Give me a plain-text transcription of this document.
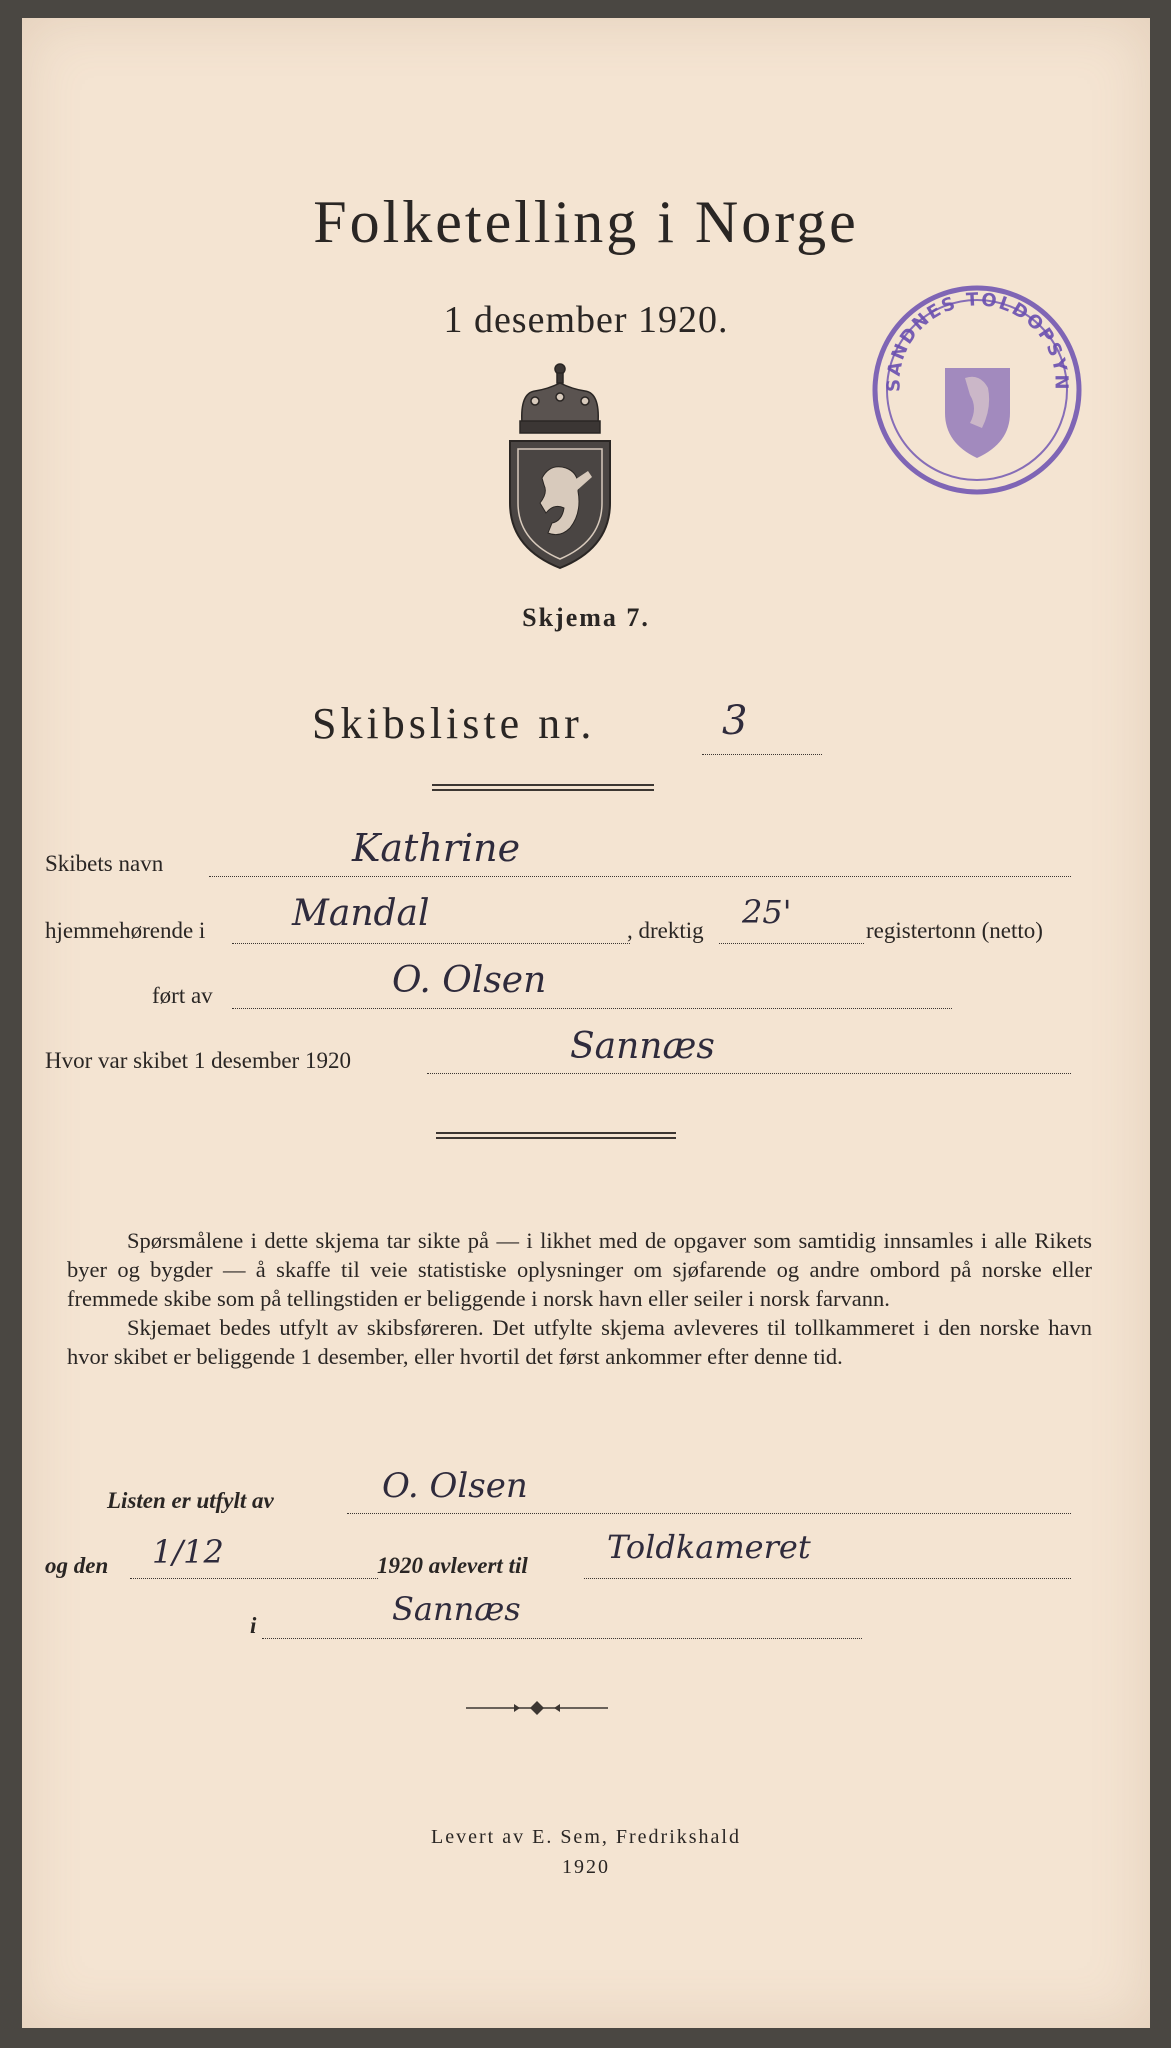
Folketelling i Norge
1 desember 1920.
Skjema 7.
Skibsliste nr.	3
Skibets navn	Kathrine
hjemmehørende i Mandal	, drektig 25'	registertonn (netto)
ført av	O. Olsen
Hvor var skibet 1 desember 1920	Sannæs

Spørsmålene i dette skjema tar sikte på — i likhet med de opgaver som samtidig innsamles i alle Rikets byer og bygder — å skaffe til veie statistiske oplysninger om sjøfarende og andre ombord på norske eller fremmede skibe som på tellingstiden er beliggende i norsk havn eller seiler i norsk farvann.

Skjemaet bedes utfylt av skibsføreren. Det utfylte skjema avleveres til tollkammeret i den norske havn hvor skibet er beliggende 1 desember, eller hvortil det først ankommer efter denne tid.

Listen er utfylt av	O. Olsen
og den 1/12	1920 avlevert til Toldkameret
i	Sannæs
SANDNES TOLDOPSYN
Levert av E. Sem, Fredrikshald
1920
